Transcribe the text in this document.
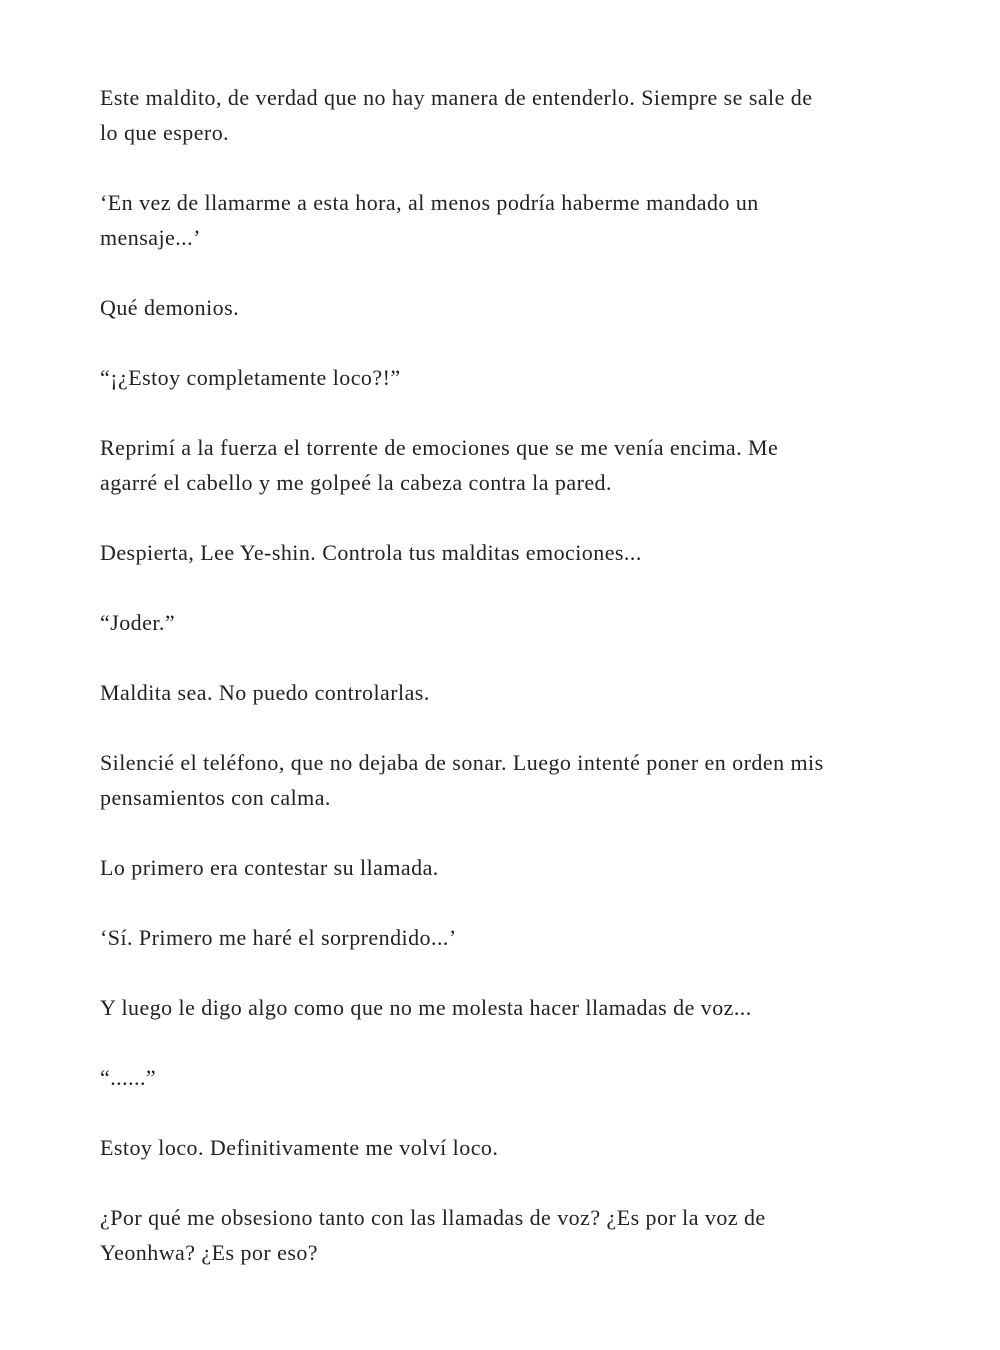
Este maldito, de verdad que no hay manera de entenderlo. Siempre se sale de
lo que espero.

‘En vez de llamarme a esta hora, al menos podría haberme mandado un
mensaje...’

Qué demonios.

“¡¿Estoy completamente loco?!”

Reprimí a la fuerza el torrente de emociones que se me venía encima. Me
agarré el cabello y me golpeé la cabeza contra la pared.

Despierta, Lee Ye-shin. Controla tus malditas emociones...

“Joder.”

Maldita sea. No puedo controlarlas.

Silencié el teléfono, que no dejaba de sonar. Luego intenté poner en orden mis
pensamientos con calma.

Lo primero era contestar su llamada.

‘Sí. Primero me haré el sorprendido...’

Y luego le digo algo como que no me molesta hacer llamadas de voz...

“......”

Estoy loco. Definitivamente me volví loco.

¿Por qué me obsesiono tanto con las llamadas de voz? ¿Es por la voz de
Yeonhwa? ¿Es por eso?
